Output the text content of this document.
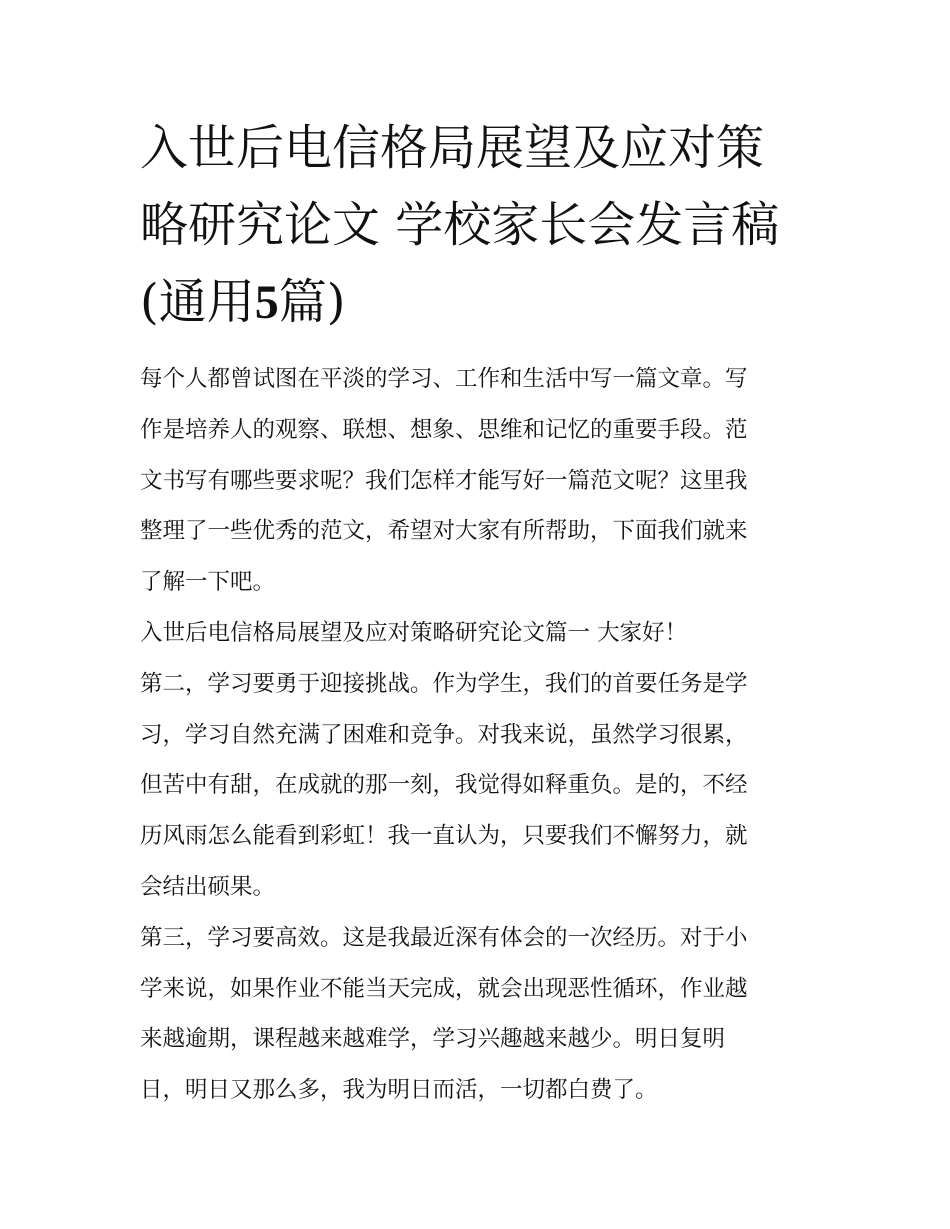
入世后电信格局展望及应对策
略研究论文 学校家长会发言稿
(通用5篇)
每个人都曾试图在平淡的学习、工作和生活中写一篇文章。写
作是培养人的观察、联想、想象、思维和记忆的重要手段。范
文书写有哪些要求呢？我们怎样才能写好一篇范文呢？这里我
整理了一些优秀的范文，希望对大家有所帮助，下面我们就来
了解一下吧。
入世后电信格局展望及应对策略研究论文篇一 大家好！
第二，学习要勇于迎接挑战。作为学生，我们的首要任务是学
习，学习自然充满了困难和竞争。对我来说，虽然学习很累，
但苦中有甜，在成就的那一刻，我觉得如释重负。是的，不经
历风雨怎么能看到彩虹！我一直认为，只要我们不懈努力，就
会结出硕果。
第三，学习要高效。这是我最近深有体会的一次经历。对于小
学来说，如果作业不能当天完成，就会出现恶性循环，作业越
来越逾期，课程越来越难学，学习兴趣越来越少。明日复明
日，明日又那么多，我为明日而活，一切都白费了。
